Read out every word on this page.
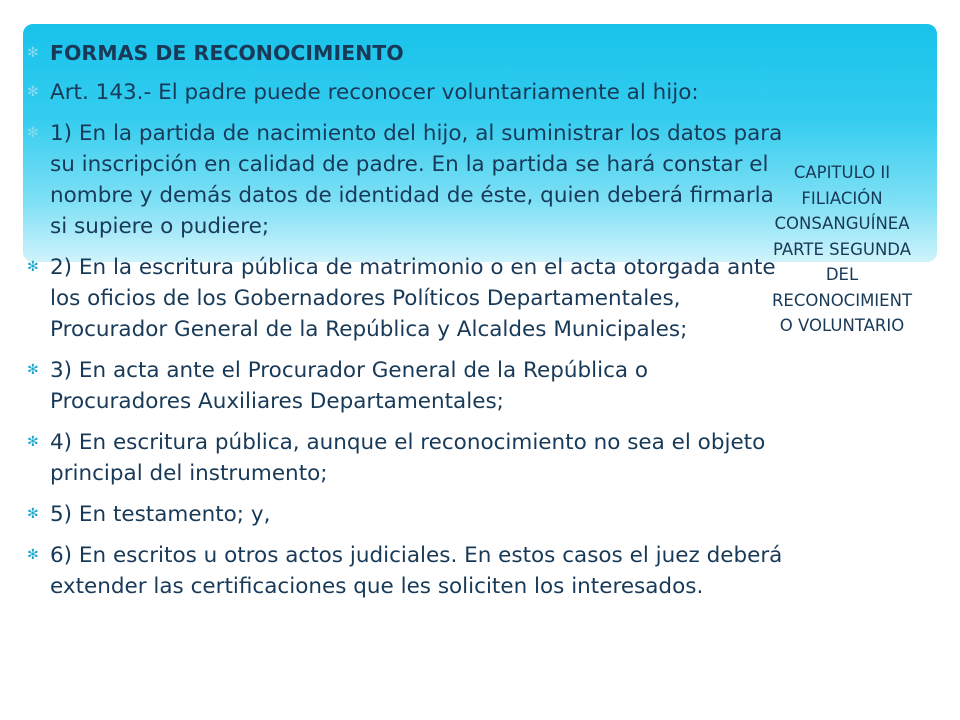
✻ FORMAS DE RECONOCIMIENTO
✻ Art. 143.- El padre puede reconocer voluntariamente al hijo:
✻ 1) En la partida de nacimiento del hijo, al suministrar los datos para su inscripción en calidad de padre. En la partida se hará constar el nombre y demás datos de identidad de éste, quien deberá firmarla si supiere o pudiere;
✻ 2) En la escritura pública de matrimonio o en el acta otorgada ante los oficios de los Gobernadores Políticos Departamentales, Procurador General de la República y Alcaldes Municipales;
✻ 3) En acta ante el Procurador General de la República o Procuradores Auxiliares Departamentales;
✻ 4) En escritura pública, aunque el reconocimiento no sea el objeto principal del instrumento;
✻ 5) En testamento; y,
✻ 6) En escritos u otros actos judiciales. En estos casos el juez deberá extender las certificaciones que les soliciten los interesados.
CAPITULO II
FILIACIÓN
CONSANGUÍNEA
PARTE SEGUNDA
DEL
RECONOCIMIENT
O VOLUNTARIO
